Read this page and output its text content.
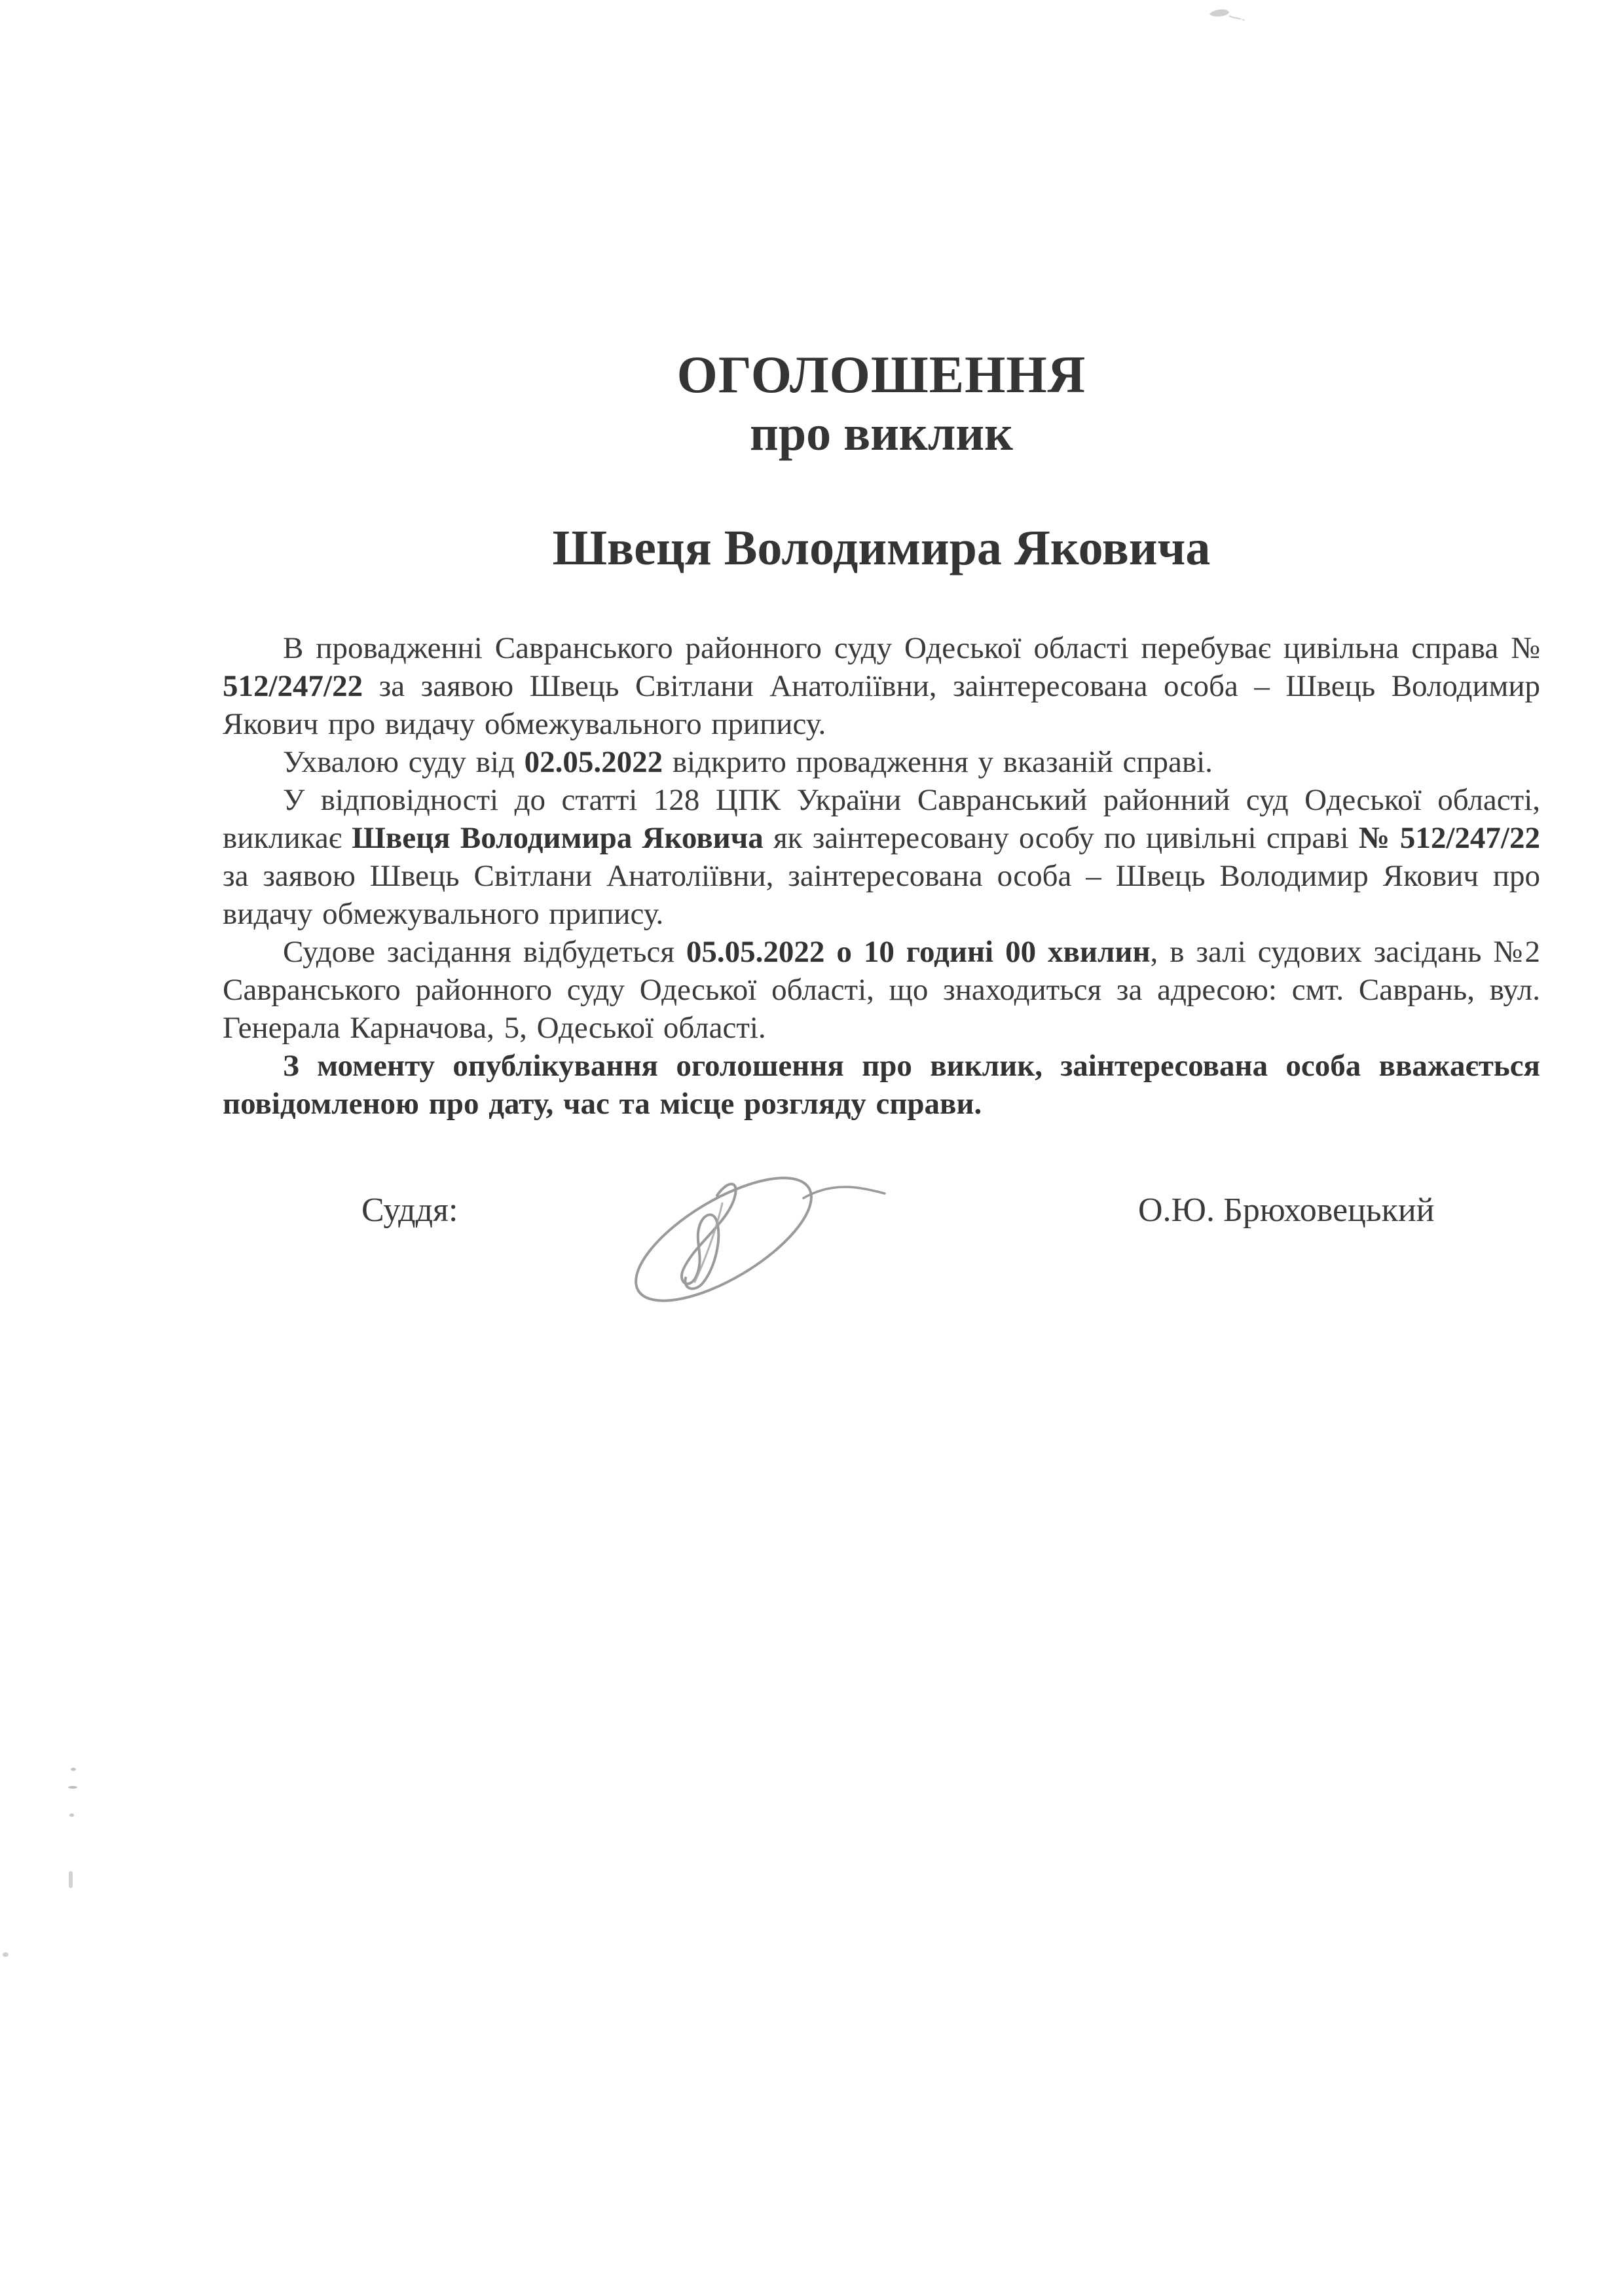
ОГОЛОШЕННЯ
про виклик
Швеця Володимира Яковича

В провадженні Савранського районного суду Одеської області перебуває цивільна справа № 512/247/22 за заявою Швець Світлани Анатоліївни, заінтересована особа – Швець Володимир Якович про видачу обмежувального припису.

Ухвалою суду від 02.05.2022 відкрито провадження у вказаній справі.

У відповідності до статті 128 ЦПК України Савранський районний суд Одеської області, викликає Швеця Володимира Яковича як заінтересовану особу по цивільні справі № 512/247/22 за заявою Швець Світлани Анатоліївни, заінтересована особа – Швець Володимир Якович про видачу обмежувального припису.

Судове засідання відбудеться 05.05.2022 о 10 годині 00 хвилин, в залі судових засідань №2 Савранського районного суду Одеської області, що знаходиться за адресою: смт. Саврань, вул. Генерала Карначова, 5, Одеської області.

З моменту опублікування оголошення про виклик, заінтересована особа вважається повідомленою про дату, час та місце розгляду справи.

Суддя:	О.Ю. Брюховецький
